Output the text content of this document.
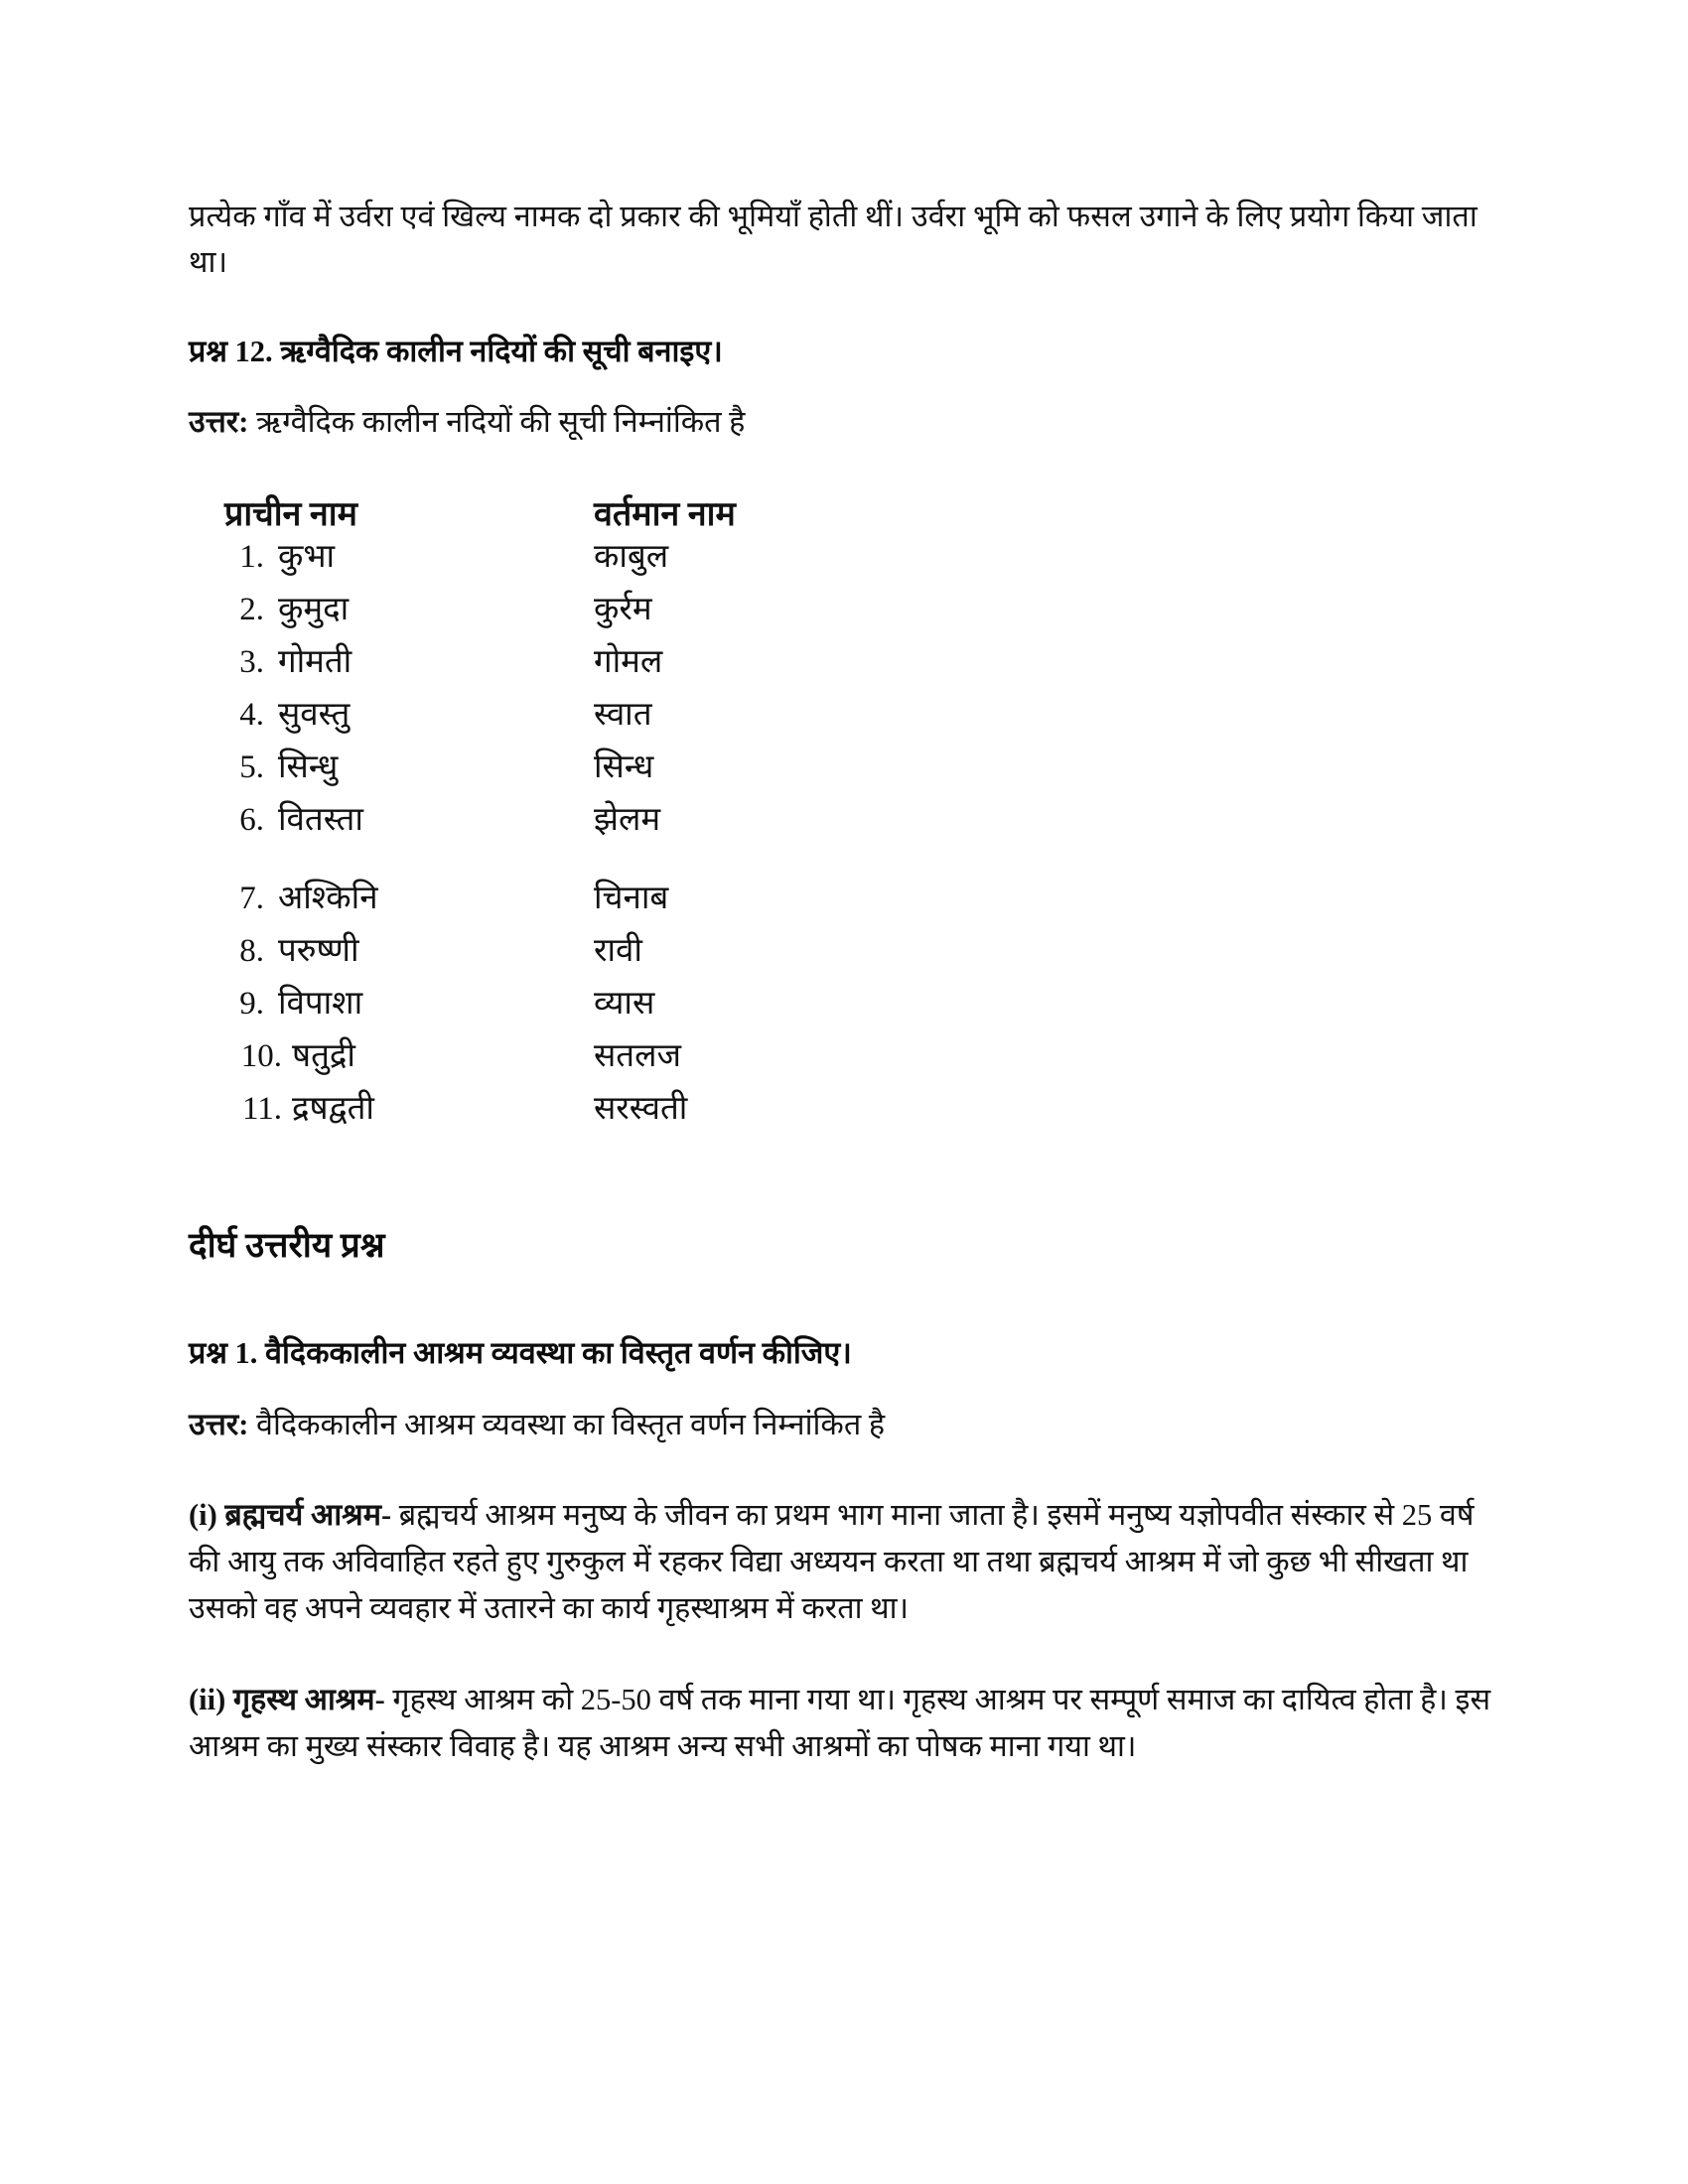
प्रत्येक गाँव में उर्वरा एवं खिल्य नामक दो प्रकार की भूमियाँ होती थीं। उर्वरा भूमि को फसल उगाने के लिए प्रयोग किया जाता था।

प्रश्न 12. ऋग्वैदिक कालीन नदियों की सूची बनाइए।

उत्तर: ऋग्वैदिक कालीन नदियों की सूची निम्नांकित है

प्राचीन नाम	वर्तमान नाम
1. कुभा	काबुल
2. कुमुदा	कुर्रम
3. गोमती	गोमल
4. सुवस्तु	स्वात
5. सिन्धु	सिन्ध
6. वितस्ता	झेलम
7. अश्किनि	चिनाब
8. परुष्णी	रावी
9. विपाशा	व्यास
10. षतुद्री	सतलज
11. द्रषद्वती	सरस्वती

दीर्घ उत्तरीय प्रश्न

प्रश्न 1. वैदिककालीन आश्रम व्यवस्था का विस्तृत वर्णन कीजिए।

उत्तर: वैदिककालीन आश्रम व्यवस्था का विस्तृत वर्णन निम्नांकित है

(i) ब्रह्मचर्य आश्रम- ब्रह्मचर्य आश्रम मनुष्य के जीवन का प्रथम भाग माना जाता है। इसमें मनुष्य यज्ञोपवीत संस्कार से 25 वर्ष की आयु तक अविवाहित रहते हुए गुरुकुल में रहकर विद्या अध्ययन करता था तथा ब्रह्मचर्य आश्रम में जो कुछ भी सीखता था उसको वह अपने व्यवहार में उतारने का कार्य गृहस्थाश्रम में करता था।

(ii) गृहस्थ आश्रम- गृहस्थ आश्रम को 25-50 वर्ष तक माना गया था। गृहस्थ आश्रम पर सम्पूर्ण समाज का दायित्व होता है। इस आश्रम का मुख्य संस्कार विवाह है। यह आश्रम अन्य सभी आश्रमों का पोषक माना गया था।
